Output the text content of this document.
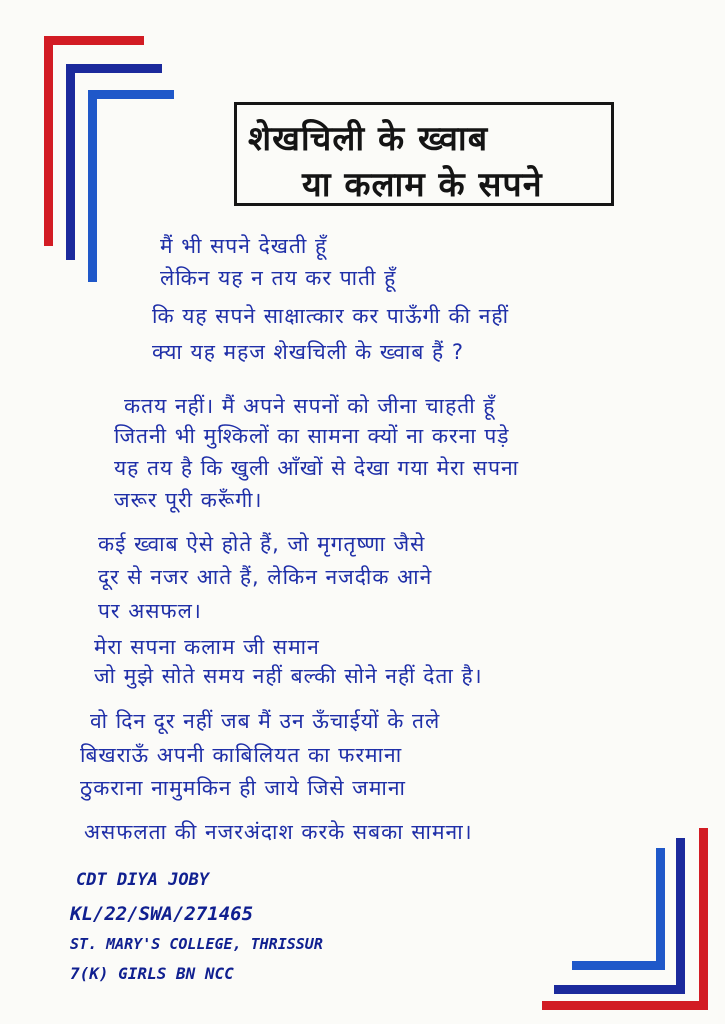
शेखचिली के ख्वाब
या कलाम के सपने
मैं भी सपने देखती हूँ
लेकिन यह न तय कर पाती हूँ
कि यह सपने साक्षात्कार कर पाऊँगी की नहीं
क्या यह महज शेखचिली के ख्वाब हैं ?
कतय नहीं। मैं अपने सपनों को जीना चाहती हूँ
जितनी भी मुश्किलों का सामना क्यों ना करना पड़े
यह तय है कि खुली आँखों से देखा गया मेरा सपना
जरूर पूरी करूँगी।
कई ख्वाब ऐसे होते हैं, जो मृगतृष्णा जैसे
दूर से नजर आते हैं, लेकिन नजदीक आने
पर असफल।
मेरा सपना कलाम जी समान
जो मुझे सोते समय नहीं बल्की सोने नहीं देता है।
वो दिन दूर नहीं जब मैं उन ऊँचाईयों के तले
बिखराऊँ अपनी काबिलियत का फरमाना
ठुकराना नामुमकिन ही जाये जिसे जमाना
असफलता की नजरअंदाश करके सबका सामना।
CDT DIYA JOBY
KL/22/SWA/271465
ST. MARY'S COLLEGE, THRISSUR
7(K) GIRLS BN NCC
